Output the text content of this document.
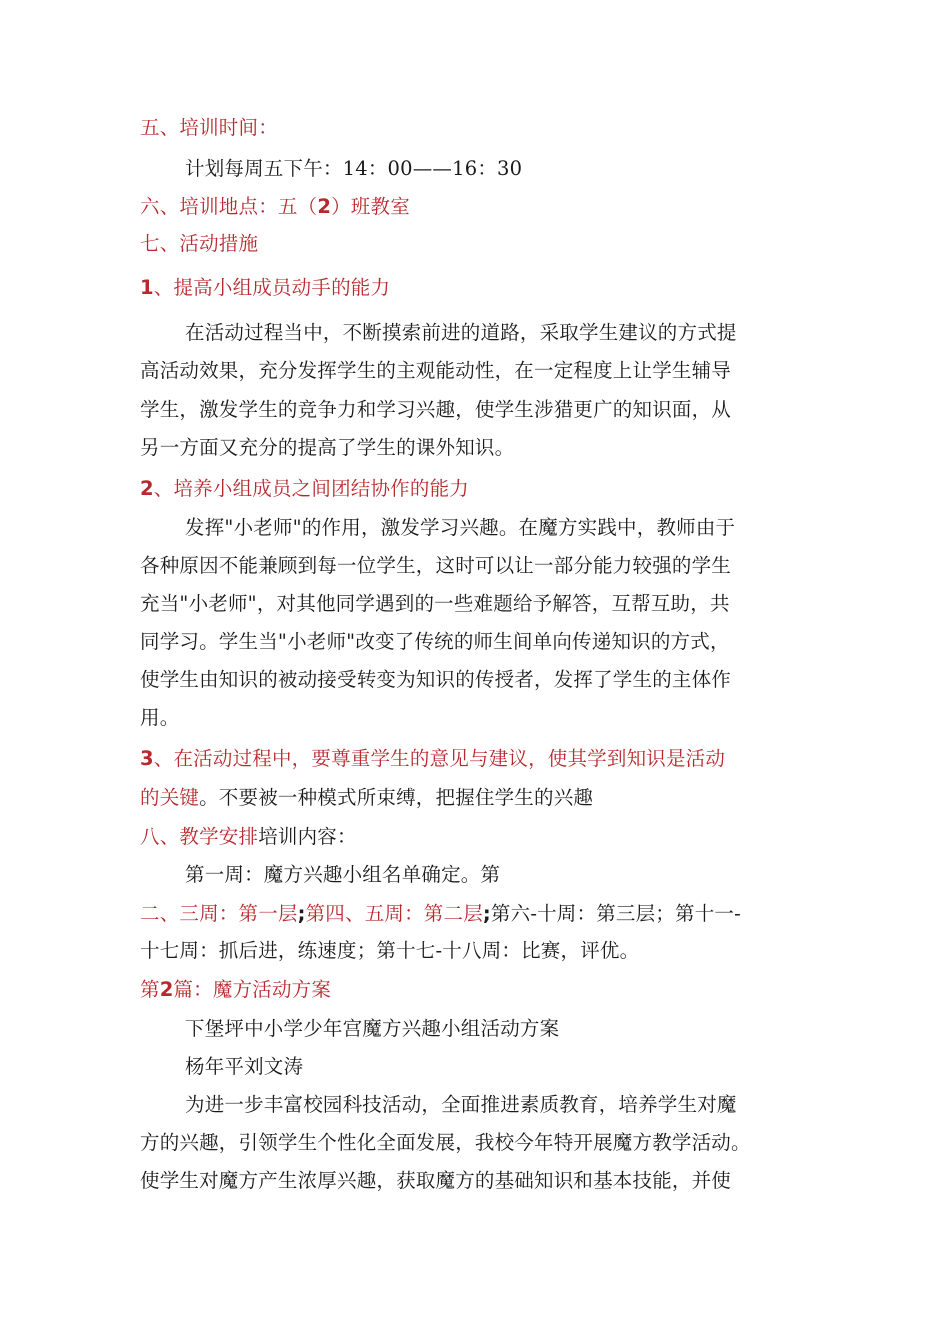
五、培训时间：
计划每周五下午：14：00——16：30
六、培训地点：五（2）班教室
七、活动措施
1、提高小组成员动手的能力
在活动过程当中，不断摸索前进的道路，采取学生建议的方式提
高活动效果，充分发挥学生的主观能动性，在一定程度上让学生辅导
学生，激发学生的竞争力和学习兴趣，使学生涉猎更广的知识面，从
另一方面又充分的提高了学生的课外知识。
2、培养小组成员之间团结协作的能力
发挥"小老师"的作用，激发学习兴趣。在魔方实践中，教师由于
各种原因不能兼顾到每一位学生，这时可以让一部分能力较强的学生
充当"小老师"，对其他同学遇到的一些难题给予解答，互帮互助，共
同学习。学生当"小老师"改变了传统的师生间单向传递知识的方式，
使学生由知识的被动接受转变为知识的传授者，发挥了学生的主体作
用。
3、在活动过程中，要尊重学生的意见与建议，使其学到知识是活动
的关键。不要被一种模式所束缚，把握住学生的兴趣
八、教学安排培训内容：
第一周：魔方兴趣小组名单确定。第
二、三周：第一层;第四、五周：第二层;第六-十周：第三层；第十一-
十七周：抓后进，练速度；第十七-十八周：比赛，评优。
第2篇：魔方活动方案
下堡坪中小学少年宫魔方兴趣小组活动方案
杨年平刘文涛
为进一步丰富校园科技活动，全面推进素质教育，培养学生对魔
方的兴趣，引领学生个性化全面发展，我校今年特开展魔方教学活动。
使学生对魔方产生浓厚兴趣，获取魔方的基础知识和基本技能，并使
